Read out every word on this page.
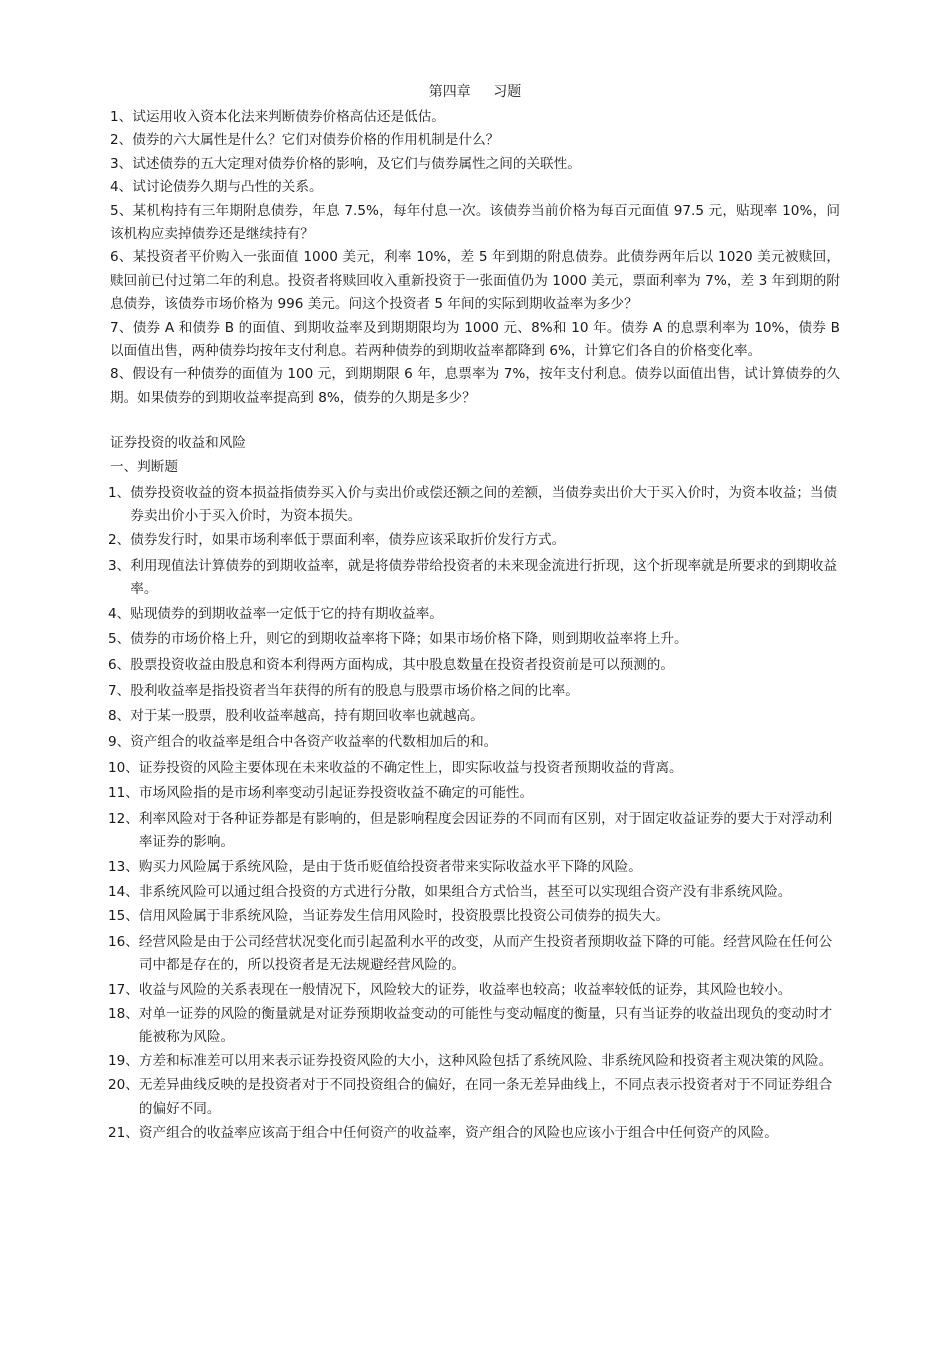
第四章 习题

1、试运用收入资本化法来判断债券价格高估还是低估。

2、债券的六大属性是什么？它们对债券价格的作用机制是什么？

3、试述债券的五大定理对债券价格的影响，及它们与债券属性之间的关联性。

4、试讨论债券久期与凸性的关系。

5、某机构持有三年期附息债券，年息 7.5%，每年付息一次。该债券当前价格为每百元面值 97.5 元，贴现率 10%，问该机构应卖掉债券还是继续持有？

6、某投资者平价购入一张面值 1000 美元，利率 10%，差 5 年到期的附息债券。此债券两年后以 1020 美元被赎回，赎回前已付过第二年的利息。投资者将赎回收入重新投资于一张面值仍为 1000 美元，票面利率为 7%，差 3 年到期的附息债券，该债券市场价格为 996 美元。问这个投资者 5 年间的实际到期收益率为多少？

7、债券 A 和债券 B 的面值、到期收益率及到期期限均为 1000 元、8%和 10 年。债券 A 的息票利率为 10%，债券 B 以面值出售，两种债券均按年支付利息。若两种债券的到期收益率都降到 6%，计算它们各自的价格变化率。

8、假设有一种债券的面值为 100 元，到期期限 6 年，息票率为 7%，按年支付利息。债券以面值出售，试计算债券的久期。如果债券的到期收益率提高到 8%，债券的久期是多少？

证券投资的收益和风险
一、判断题
1、 债券投资收益的资本损益指债券买入价与卖出价或偿还额之间的差额，当债券卖出价大于买入价时，为资本收益；当债券卖出价小于买入价时，为资本损失。
2、 债券发行时，如果市场利率低于票面利率，债券应该采取折价发行方式。
3、 利用现值法计算债券的到期收益率，就是将债券带给投资者的未来现金流进行折现，这个折现率就是所要求的到期收益率。
4、 贴现债券的到期收益率一定低于它的持有期收益率。
5、 债券的市场价格上升，则它的到期收益率将下降；如果市场价格下降，则到期收益率将上升。
6、 股票投资收益由股息和资本利得两方面构成，其中股息数量在投资者投资前是可以预测的。
7、 股利收益率是指投资者当年获得的所有的股息与股票市场价格之间的比率。
8、 对于某一股票，股利收益率越高，持有期回收率也就越高。
9、 资产组合的收益率是组合中各资产收益率的代数相加后的和。
10、 证券投资的风险主要体现在未来收益的不确定性上，即实际收益与投资者预期收益的背离。
11、 市场风险指的是市场利率变动引起证券投资收益不确定的可能性。
12、 利率风险对于各种证券都是有影响的，但是影响程度会因证券的不同而有区别，对于固定收益证券的要大于对浮动利率证券的影响。
13、 购买力风险属于系统风险，是由于货币贬值给投资者带来实际收益水平下降的风险。
14、 非系统风险可以通过组合投资的方式进行分散，如果组合方式恰当，甚至可以实现组合资产没有非系统风险。
15、 信用风险属于非系统风险，当证券发生信用风险时，投资股票比投资公司债券的损失大。
16、 经营风险是由于公司经营状况变化而引起盈利水平的改变，从而产生投资者预期收益下降的可能。经营风险在任何公司中都是存在的，所以投资者是无法规避经营风险的。
17、 收益与风险的关系表现在一般情况下，风险较大的证券，收益率也较高；收益率较低的证券，其风险也较小。
18、 对单一证券的风险的衡量就是对证券预期收益变动的可能性与变动幅度的衡量，只有当证券的收益出现负的变动时才能被称为风险。
19、 方差和标准差可以用来表示证券投资风险的大小，这种风险包括了系统风险、非系统风险和投资者主观决策的风险。
20、 无差异曲线反映的是投资者对于不同投资组合的偏好，在同一条无差异曲线上，不同点表示投资者对于不同证券组合的偏好不同。
21、 资产组合的收益率应该高于组合中任何资产的收益率，资产组合的风险也应该小于组合中任何资产的风险。
